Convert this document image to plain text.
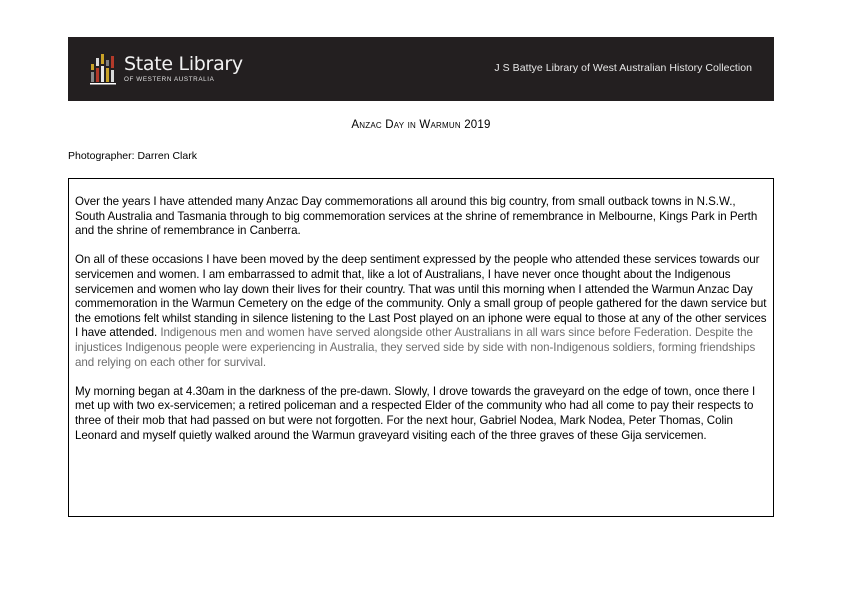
State Library
OF WESTERN AUSTRALIA
J S Battye Library of West Australian History Collection
Anzac Day in Warmun 2019
Photographer: Darren Clark

Over the years I have attended many Anzac Day commemorations all around this big country, from small outback towns in N.S.W., South Australia and Tasmania through to big commemoration services at the shrine of remembrance in Melbourne, Kings Park in Perth and the shrine of remembrance in Canberra.

On all of these occasions I have been moved by the deep sentiment expressed by the people who attended these services towards our servicemen and women. I am embarrassed to admit that, like a lot of Australians, I have never once thought about the Indigenous servicemen and women who lay down their lives for their country. That was until this morning when I attended the Warmun Anzac Day commemoration in the Warmun Cemetery on the edge of the community. Only a small group of people gathered for the dawn service but the emotions felt whilst standing in silence listening to the Last Post played on an iphone were equal to those at any of the other services I have attended. Indigenous men and women have served alongside other Australians in all wars since before Federation. Despite the injustices Indigenous people were experiencing in Australia, they served side by side with non-Indigenous soldiers, forming friendships and relying on each other for survival.

My morning began at 4.30am in the darkness of the pre-dawn. Slowly, I drove towards the graveyard on the edge of town, once there I met up with two ex-servicemen; a retired policeman and a respected Elder of the community who had all come to pay their respects to three of their mob that had passed on but were not forgotten. For the next hour, Gabriel Nodea, Mark Nodea, Peter Thomas, Colin Leonard and myself quietly walked around the Warmun graveyard visiting each of the three graves of these Gija servicemen.
